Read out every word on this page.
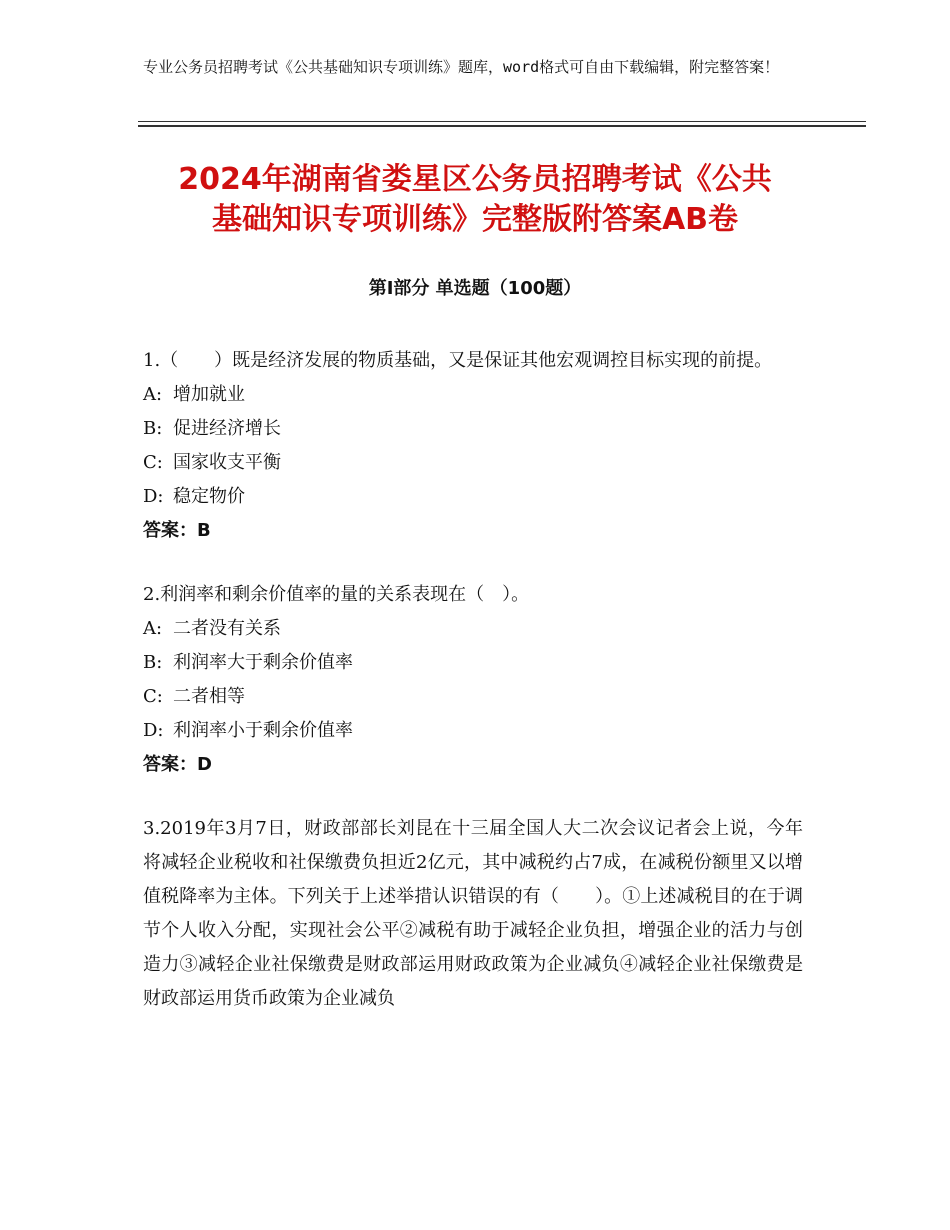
专业公务员招聘考试《公共基础知识专项训练》题库，word格式可自由下载编辑，附完整答案！
2024年湖南省娄星区公务员招聘考试《公共
基础知识专项训练》完整版附答案AB卷
第Ⅰ部分 单选题（100题）

1.（　　）既是经济发展的物质基础，又是保证其他宏观调控目标实现的前提。

A: 增加就业

B: 促进经济增长

C: 国家收支平衡

D: 稳定物价

答案：B

2.利润率和剩余价值率的量的关系表现在（　）。

A: 二者没有关系

B: 利润率大于剩余价值率

C: 二者相等

D: 利润率小于剩余价值率

答案：D

3.2019年3月7日，财政部部长刘昆在十三届全国人大二次会议记者会上说，今年将减轻企业税收和社保缴费负担近2亿元，其中减税约占7成，在减税份额里又以增值税降率为主体。下列关于上述举措认识错误的有（　　）。①上述减税目的在于调节个人收入分配，实现社会公平②减税有助于减轻企业负担，增强企业的活力与创造力③减轻企业社保缴费是财政部运用财政政策为企业减负④减轻企业社保缴费是财政部运用货币政策为企业减负
